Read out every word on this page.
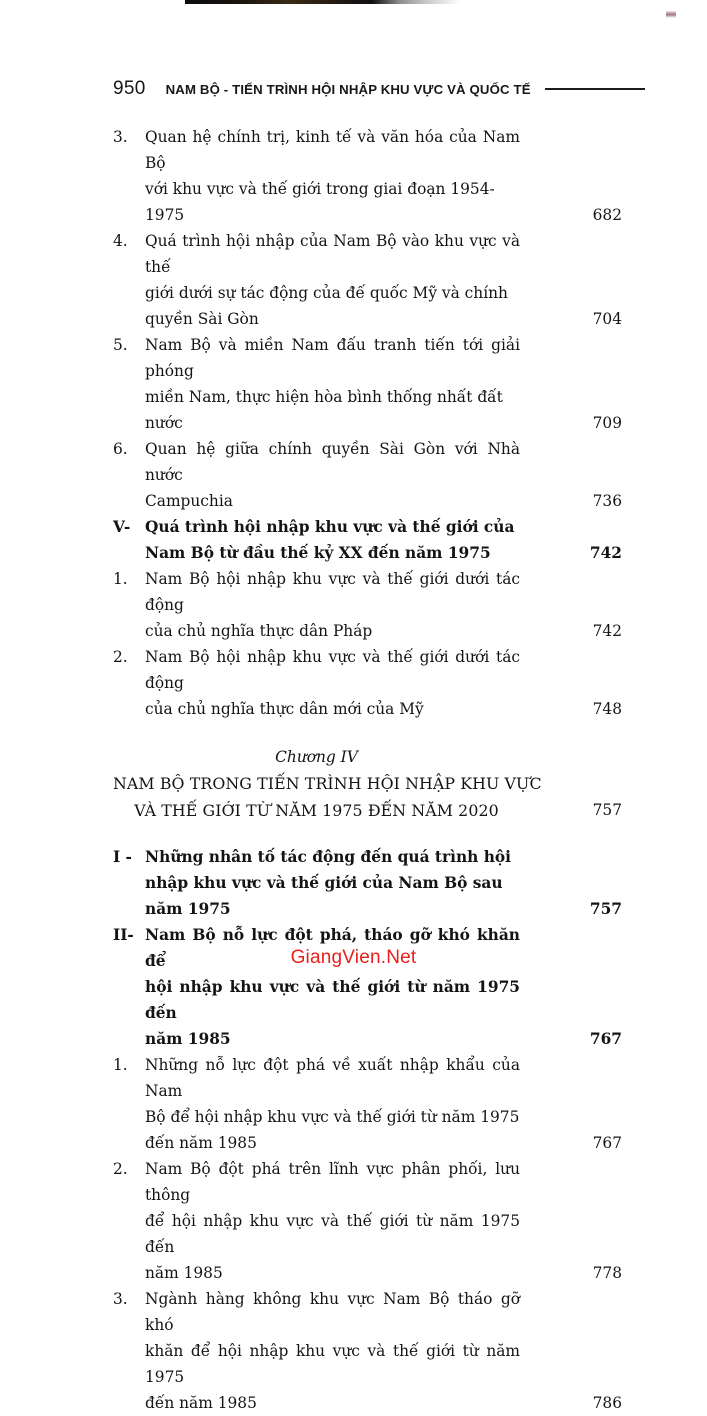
950 NAM BỘ - TIẾN TRÌNH HỘI NHẬP KHU VỰC VÀ QUỐC TẾ
3.	Quan hệ chính trị, kinh tế và văn hóa của Nam Bộ
với khu vực và thế giới trong giai đoạn 1954-1975	682
4.	Quá trình hội nhập của Nam Bộ vào khu vực và thế
giới dưới sự tác động của đế quốc Mỹ và chính
quyền Sài Gòn	704
5.	Nam Bộ và miền Nam đấu tranh tiến tới giải phóng
miền Nam, thực hiện hòa bình thống nhất đất nước	709
6.	Quan hệ giữa chính quyền Sài Gòn với Nhà nước
Campuchia	736
V- Quá trình hội nhập khu vực và thế giới của
Nam Bộ từ đầu thế kỷ XX đến năm 1975	742
1.	Nam Bộ hội nhập khu vực và thế giới dưới tác động
của chủ nghĩa thực dân Pháp	742
2.	Nam Bộ hội nhập khu vực và thế giới dưới tác động
của chủ nghĩa thực dân mới của Mỹ	748
Chương IV
NAM BỘ TRONG TIẾN TRÌNH HỘI NHẬP KHU VỰC
VÀ THẾ GIỚI TỪ NĂM 1975 ĐẾN NĂM 2020	757
I - Những nhân tố tác động đến quá trình hội
nhập khu vực và thế giới của Nam Bộ sau
năm 1975	757
II- Nam Bộ nỗ lực đột phá, tháo gỡ khó khăn để
hội nhập khu vực và thế giới từ năm 1975 đến
năm 1985	767
1.	Những nỗ lực đột phá về xuất nhập khẩu của Nam
Bộ để hội nhập khu vực và thế giới từ năm 1975
đến năm 1985	767
2.	Nam Bộ đột phá trên lĩnh vực phân phối, lưu thông
để hội nhập khu vực và thế giới từ năm 1975 đến
năm 1985	778
3.	Ngành hàng không khu vực Nam Bộ tháo gỡ khó
khăn để hội nhập khu vực và thế giới từ năm 1975
đến năm 1985	786
GiangVien.Net
